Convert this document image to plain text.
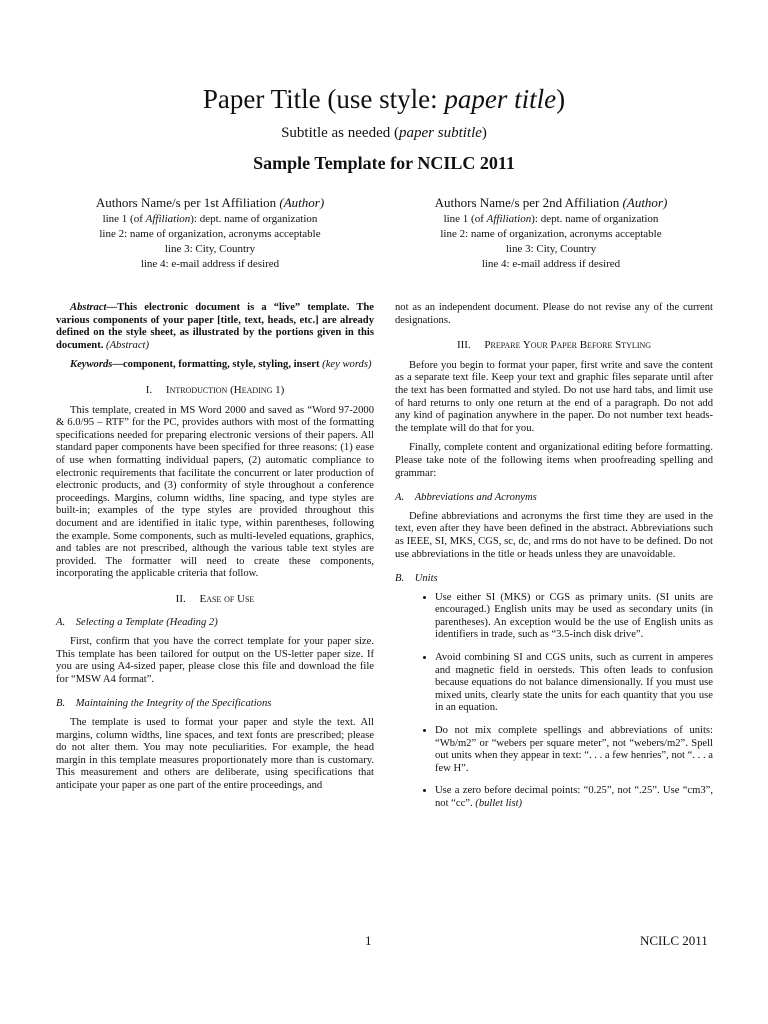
Paper Title (use style: paper title)
Subtitle as needed (paper subtitle)
Sample Template for NCILC 2011
Authors Name/s per 1st Affiliation (Author)
line 1 (of Affiliation): dept. name of organization
line 2: name of organization, acronyms acceptable
line 3: City, Country
line 4: e-mail address if desired
Authors Name/s per 2nd Affiliation (Author)
line 1 (of Affiliation): dept. name of organization
line 2: name of organization, acronyms acceptable
line 3: City, Country
line 4: e-mail address if desired

Abstract—This electronic document is a “live” template. The various components of your paper [title, text, heads, etc.] are already defined on the style sheet, as illustrated by the portions given in this document. (Abstract)

Keywords—component, formatting, style, styling, insert (key words)

I.     Introduction (Heading 1)

This template, created in MS Word 2000 and saved as “Word 97-2000 & 6.0/95 – RTF” for the PC, provides authors with most of the formatting specifications needed for preparing electronic versions of their papers. All standard paper components have been specified for three reasons: (1) ease of use when formatting individual papers, (2) automatic compliance to electronic requirements that facilitate the concurrent or later production of electronic products, and (3) conformity of style throughout a conference proceedings. Margins, column widths, line spacing, and type styles are built-in; examples of the type styles are provided throughout this document and are identified in italic type, within parentheses, following the example. Some components, such as multi-leveled equations, graphics, and tables are not prescribed, although the various table text styles are provided. The formatter will need to create these components, incorporating the applicable criteria that follow.

II.     Ease of Use
A.    Selecting a Template (Heading 2)

First, confirm that you have the correct template for your paper size. This template has been tailored for output on the US-letter paper size. If you are using A4-sized paper, please close this file and download the file for “MSW A4 format”.

B.    Maintaining the Integrity of the Specifications

The template is used to format your paper and style the text. All margins, column widths, line spaces, and text fonts are prescribed; please do not alter them. You may note peculiarities. For example, the head margin in this template measures proportionately more than is customary. This measurement and others are deliberate, using specifications that anticipate your paper as one part of the entire proceedings, and

not as an independent document. Please do not revise any of the current designations.

III.     Prepare Your Paper Before Styling

Before you begin to format your paper, first write and save the content as a separate text file. Keep your text and graphic files separate until after the text has been formatted and styled. Do not use hard tabs, and limit use of hard returns to only one return at the end of a paragraph. Do not add any kind of pagination anywhere in the paper. Do not number text heads-the template will do that for you.

Finally, complete content and organizational editing before formatting. Please take note of the following items when proofreading spelling and grammar:

A.    Abbreviations and Acronyms

Define abbreviations and acronyms the first time they are used in the text, even after they have been defined in the abstract. Abbreviations such as IEEE, SI, MKS, CGS, sc, dc, and rms do not have to be defined. Do not use abbreviations in the title or heads unless they are unavoidable.

B.    Units
• Use either SI (MKS) or CGS as primary units. (SI units are encouraged.) English units may be used as secondary units (in parentheses). An exception would be the use of English units as identifiers in trade, such as “3.5-inch disk drive”.
• Avoid combining SI and CGS units, such as current in amperes and magnetic field in oersteds. This often leads to confusion because equations do not balance dimensionally. If you must use mixed units, clearly state the units for each quantity that you use in an equation.
• Do not mix complete spellings and abbreviations of units: “Wb/m2” or “webers per square meter”, not “webers/m2”. Spell out units when they appear in text: “. . . a few henries”, not “. . . a few H”.
• Use a zero before decimal points: “0.25”, not “.25”. Use “cm3”, not “cc”. (bullet list)
1	NCILC 2011
